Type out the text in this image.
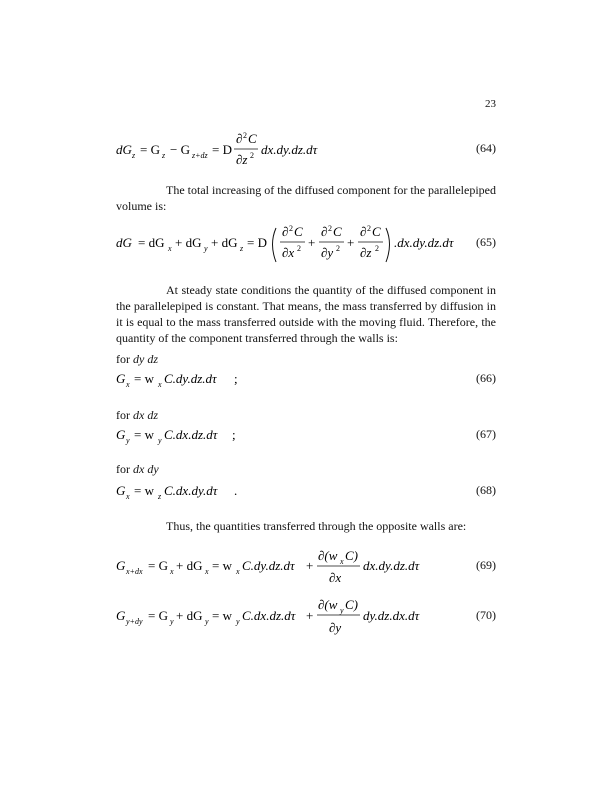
23
dG z = G z − G z+dz = D
∂ 2 C
∂z 2 dx.dy.dz.dτ	(64)

The total increasing of the diffused component for the parallelepiped volume is:

dG = dG x + dG y + dG z = D
∂ 2 C
∂x 2 +
∂ 2 C
∂y 2 +
∂ 2 C
∂z 2 .dx.dy.dz.dτ (65)

At steady state conditions the quantity of the diffused component in the parallelepiped is constant. That means, the mass transferred by diffusion in it is equal to the mass transferred outside with the moving fluid. Therefore, the quantity of the component transferred through the walls is:

for dy dz
G x = w x C.dy.dz.dτ ;	(66)
for dx dz
G y = w y C.dx.dz.dτ ;	(67)
for dx dy
G x = w z C.dx.dy.dτ .	(68)

Thus, the quantities transferred through the opposite walls are:

G x+dx = G x + dG x = w x C.dy.dz.dτ +
∂(w x C)
∂x
dx.dy.dz.dτ	(69)
G y+dy = G y + dG y = w y C.dx.dz.dτ +
∂(w y C)
∂y
dy.dz.dx.dτ	(70)
